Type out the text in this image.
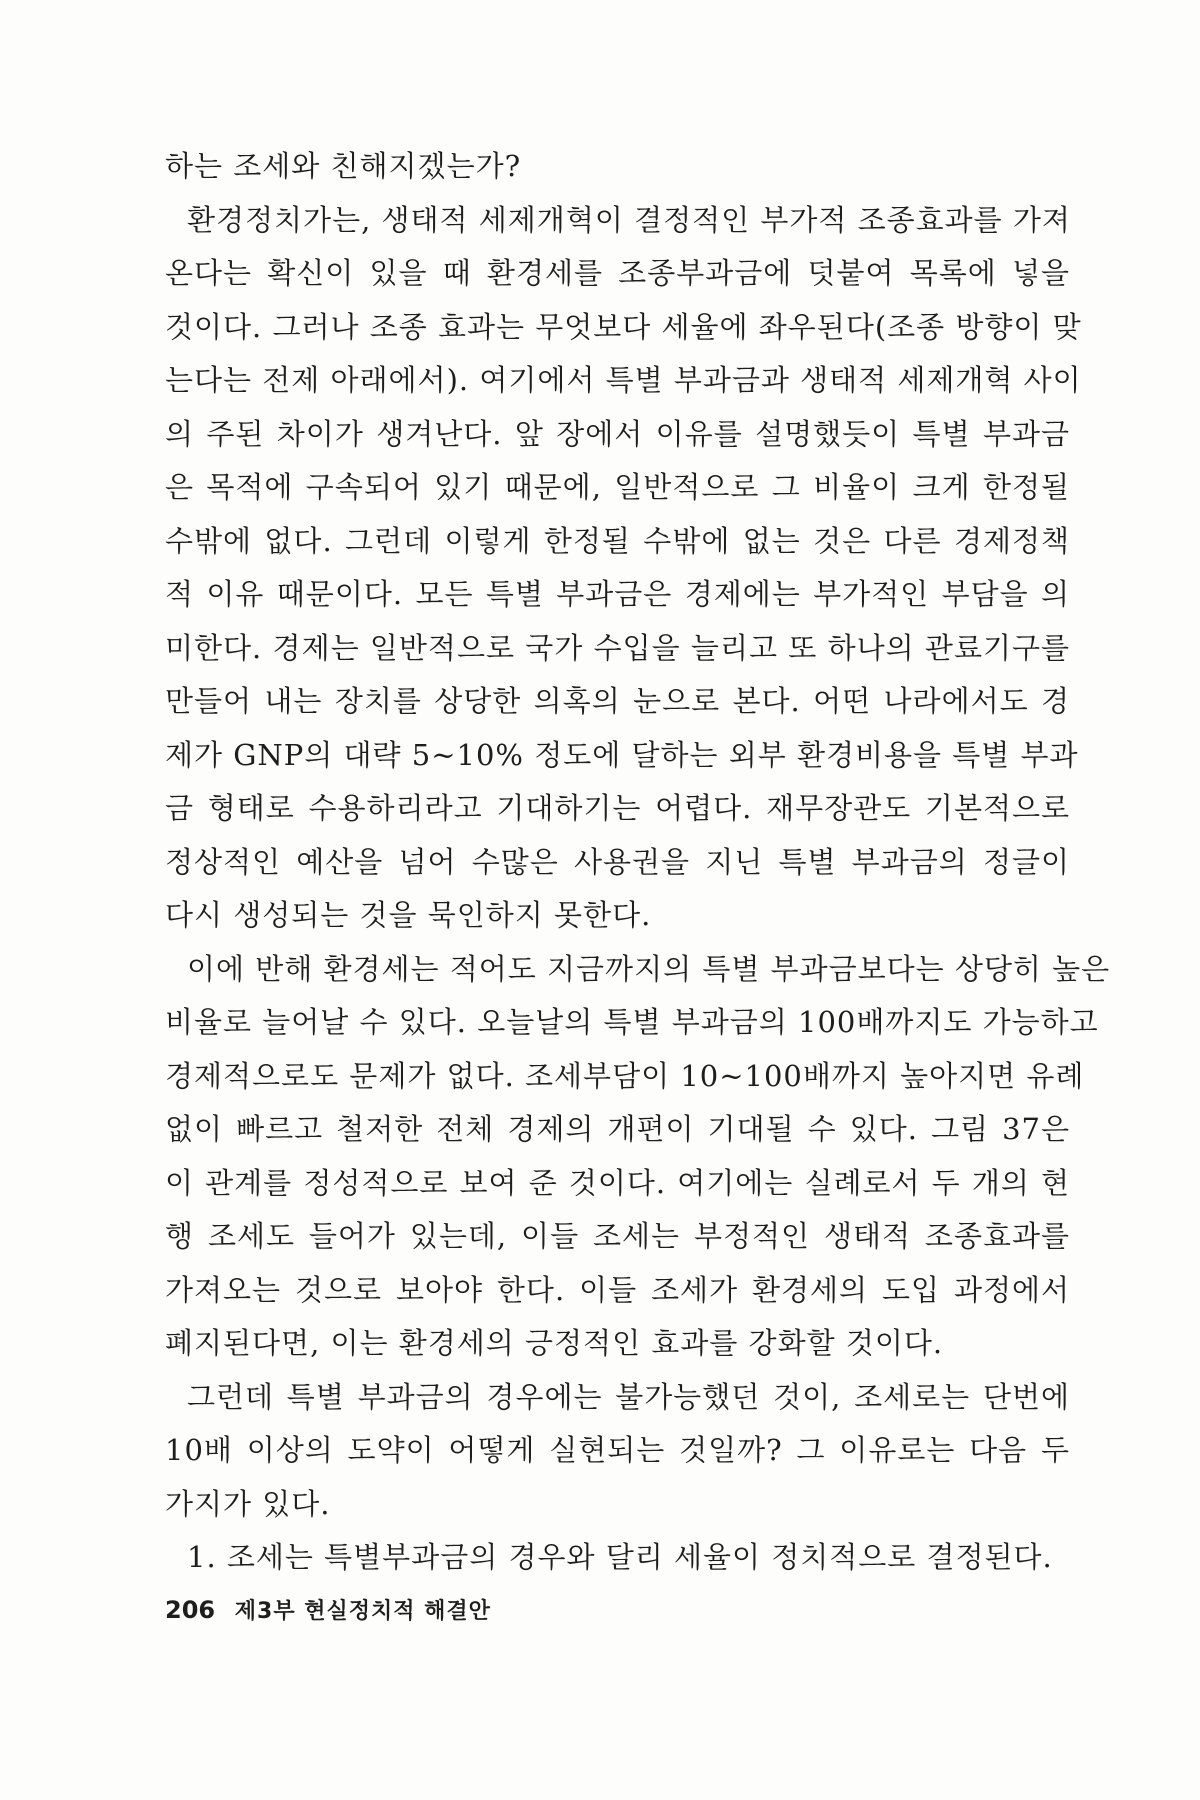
하는 조세와 친해지겠는가?

환경정치가는, 생태적 세제개혁이 결정적인 부가적 조종효과를 가져
온다는 확신이 있을 때 환경세를 조종부과금에 덧붙여 목록에 넣을
것이다. 그러나 조종 효과는 무엇보다 세율에 좌우된다(조종 방향이 맞
는다는 전제 아래에서). 여기에서 특별 부과금과 생태적 세제개혁 사이
의 주된 차이가 생겨난다. 앞 장에서 이유를 설명했듯이 특별 부과금
은 목적에 구속되어 있기 때문에, 일반적으로 그 비율이 크게 한정될
수밖에 없다. 그런데 이렇게 한정될 수밖에 없는 것은 다른 경제정책
적 이유 때문이다. 모든 특별 부과금은 경제에는 부가적인 부담을 의
미한다. 경제는 일반적으로 국가 수입을 늘리고 또 하나의 관료기구를
만들어 내는 장치를 상당한 의혹의 눈으로 본다. 어떤 나라에서도 경
제가 GNP의 대략 5~10% 정도에 달하는 외부 환경비용을 특별 부과
금 형태로 수용하리라고 기대하기는 어렵다. 재무장관도 기본적으로
정상적인 예산을 넘어 수많은 사용권을 지닌 특별 부과금의 정글이
다시 생성되는 것을 묵인하지 못한다.

이에 반해 환경세는 적어도 지금까지의 특별 부과금보다는 상당히 높은
비율로 늘어날 수 있다. 오늘날의 특별 부과금의 100배까지도 가능하고
경제적으로도 문제가 없다. 조세부담이 10~100배까지 높아지면 유례
없이 빠르고 철저한 전체 경제의 개편이 기대될 수 있다. 그림 37은
이 관계를 정성적으로 보여 준 것이다. 여기에는 실례로서 두 개의 현
행 조세도 들어가 있는데, 이들 조세는 부정적인 생태적 조종효과를
가져오는 것으로 보아야 한다. 이들 조세가 환경세의 도입 과정에서
폐지된다면, 이는 환경세의 긍정적인 효과를 강화할 것이다.

그런데 특별 부과금의 경우에는 불가능했던 것이, 조세로는 단번에
10배 이상의 도약이 어떻게 실현되는 것일까? 그 이유로는 다음 두
가지가 있다.

1. 조세는 특별부과금의 경우와 달리 세율이 정치적으로 결정된다.

206 제3부 현실정치적 해결안
